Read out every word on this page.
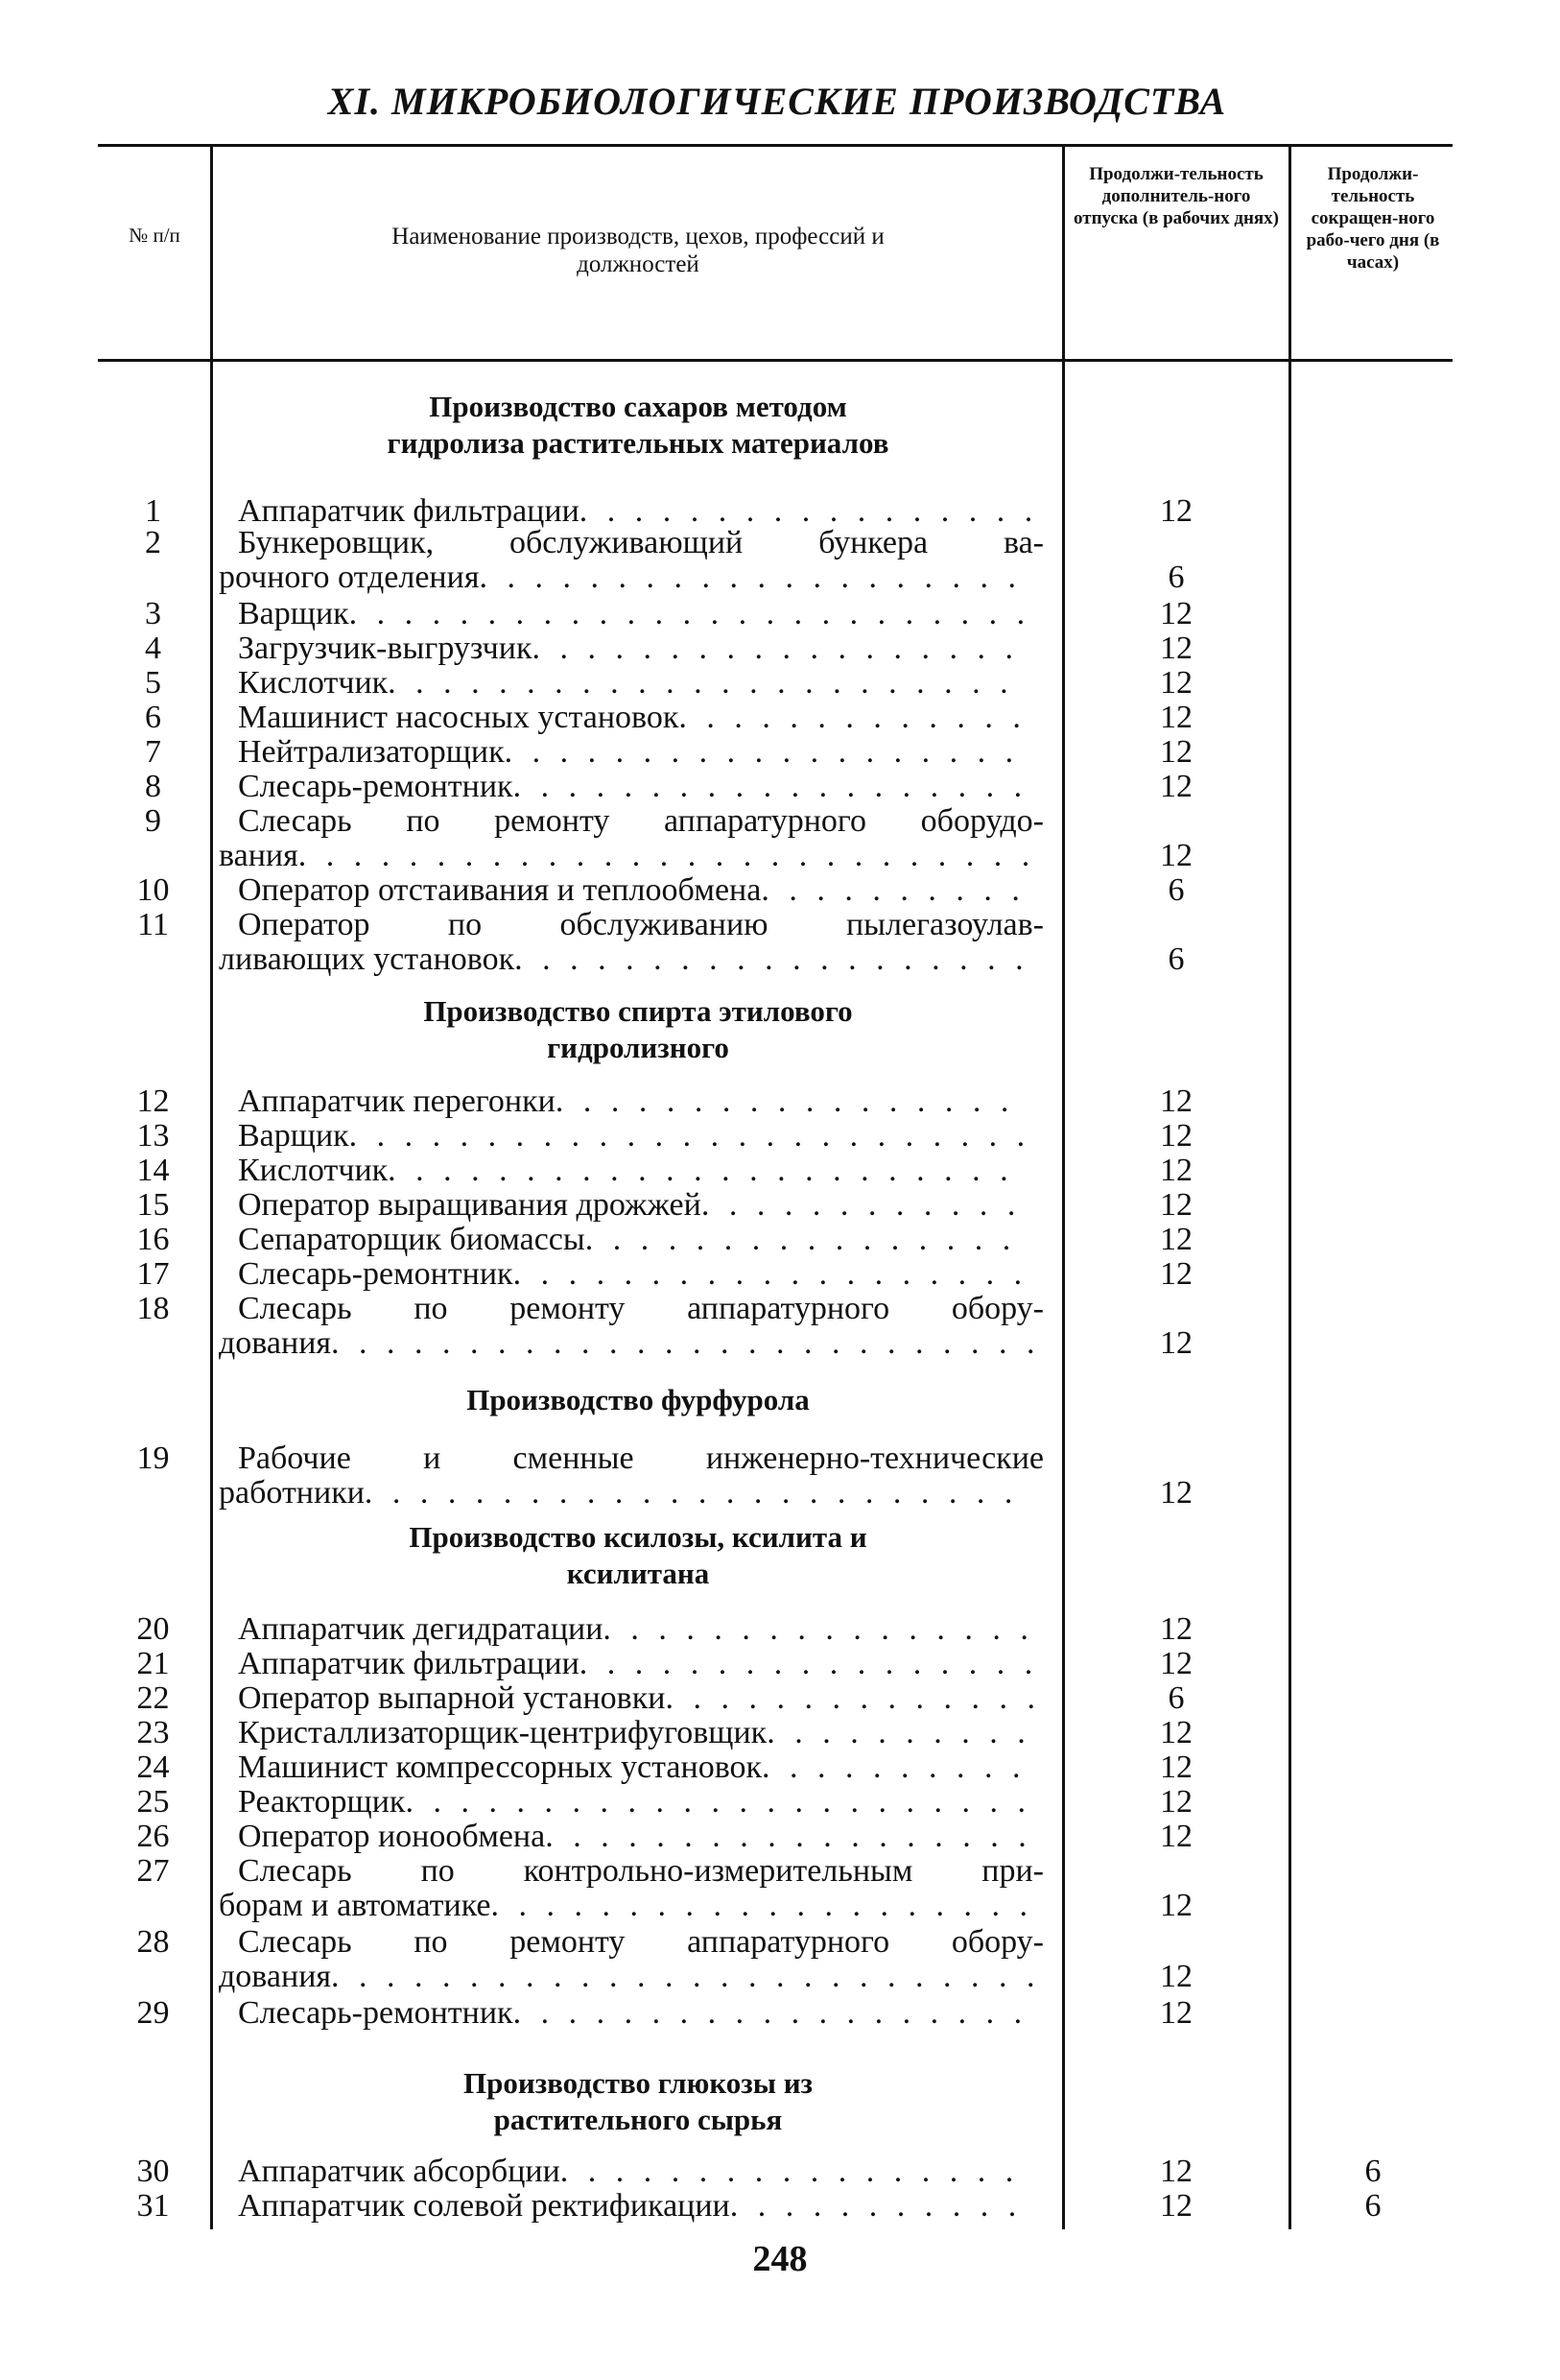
XI. МИКРОБИОЛОГИЧЕСКИЕ ПРОИЗВОДСТВА
№ п/п	Наименование производств, цехов, профессий и должностей
Продолжи-тельность дополнитель-ного отпуска (в рабочих днях)
Продолжи-тельность сокращен-ного рабо-чего дня (в часах)
Производство сахаров методом гидролиза растительных материалов
Производство спирта этилового гидролизного
Производство фурфурола
Производство ксилозы, ксилита и ксилитана
Производство глюкозы из растительного сырья
1	Аппаратчик фильтрации. . . . . . . . . . . . . . . . .	12
2	Бункеровщик, обслуживающий бункера ва-
рочного отделения. . . . . . . . . . . . . . . . . . . .	6
3	Варщик. . . . . . . . . . . . . . . . . . . . . . . . .	12
4	Загрузчик-выгрузчик. . . . . . . . . . . . . . . . . .	12
5	Кислотчик. . . . . . . . . . . . . . . . . . . . . . .	12
6	Машинист насосных установок. . . . . . . . . . . . .	12
7	Нейтрализаторщик. . . . . . . . . . . . . . . . . . .	12
8	Слесарь-ремонтник. . . . . . . . . . . . . . . . . . .	12
9	Слесарь по ремонту аппаратурного оборудо-
вания. . . . . . . . . . . . . . . . . . . . . . . . . . .	12
10	Оператор отстаивания и теплообмена. . . . . . . . . .	6
11	Оператор по обслуживанию пылегазоулав-
ливающих установок. . . . . . . . . . . . . . . . . . .	6
12	Аппаратчик перегонки. . . . . . . . . . . . . . . . .	12
13	Варщик. . . . . . . . . . . . . . . . . . . . . . . . .	12
14	Кислотчик. . . . . . . . . . . . . . . . . . . . . . .	12
15	Оператор выращивания дрожжей. . . . . . . . . . . .	12
16	Сепараторщик биомассы. . . . . . . . . . . . . . . .	12
17	Слесарь-ремонтник. . . . . . . . . . . . . . . . . . .	12
18	Слесарь по ремонту аппаратурного обору-
дования. . . . . . . . . . . . . . . . . . . . . . . . . .	12
19	Рабочие и сменные инженерно-технические
работники. . . . . . . . . . . . . . . . . . . . . . . .	12
20	Аппаратчик дегидратации. . . . . . . . . . . . . . . .	12
21	Аппаратчик фильтрации. . . . . . . . . . . . . . . . .	12
22	Оператор выпарной установки. . . . . . . . . . . . . .	6
23	Кристаллизаторщик-центрифуговщик. . . . . . . . . .	12
24	Машинист компрессорных установок. . . . . . . . . .	12
25	Реакторщик. . . . . . . . . . . . . . . . . . . . . . .	12
26	Оператор ионообмена. . . . . . . . . . . . . . . . . .	12
27	Слесарь по контрольно-измерительным при-
борам и автоматике. . . . . . . . . . . . . . . . . . . .	12
28	Слесарь по ремонту аппаратурного обору-
дования. . . . . . . . . . . . . . . . . . . . . . . . . .	12
29	Слесарь-ремонтник. . . . . . . . . . . . . . . . . . .	12
30	Аппаратчик абсорбции. . . . . . . . . . . . . . . . .	12	6
31	Аппаратчик солевой ректификации. . . . . . . . . . .	12	6
248
